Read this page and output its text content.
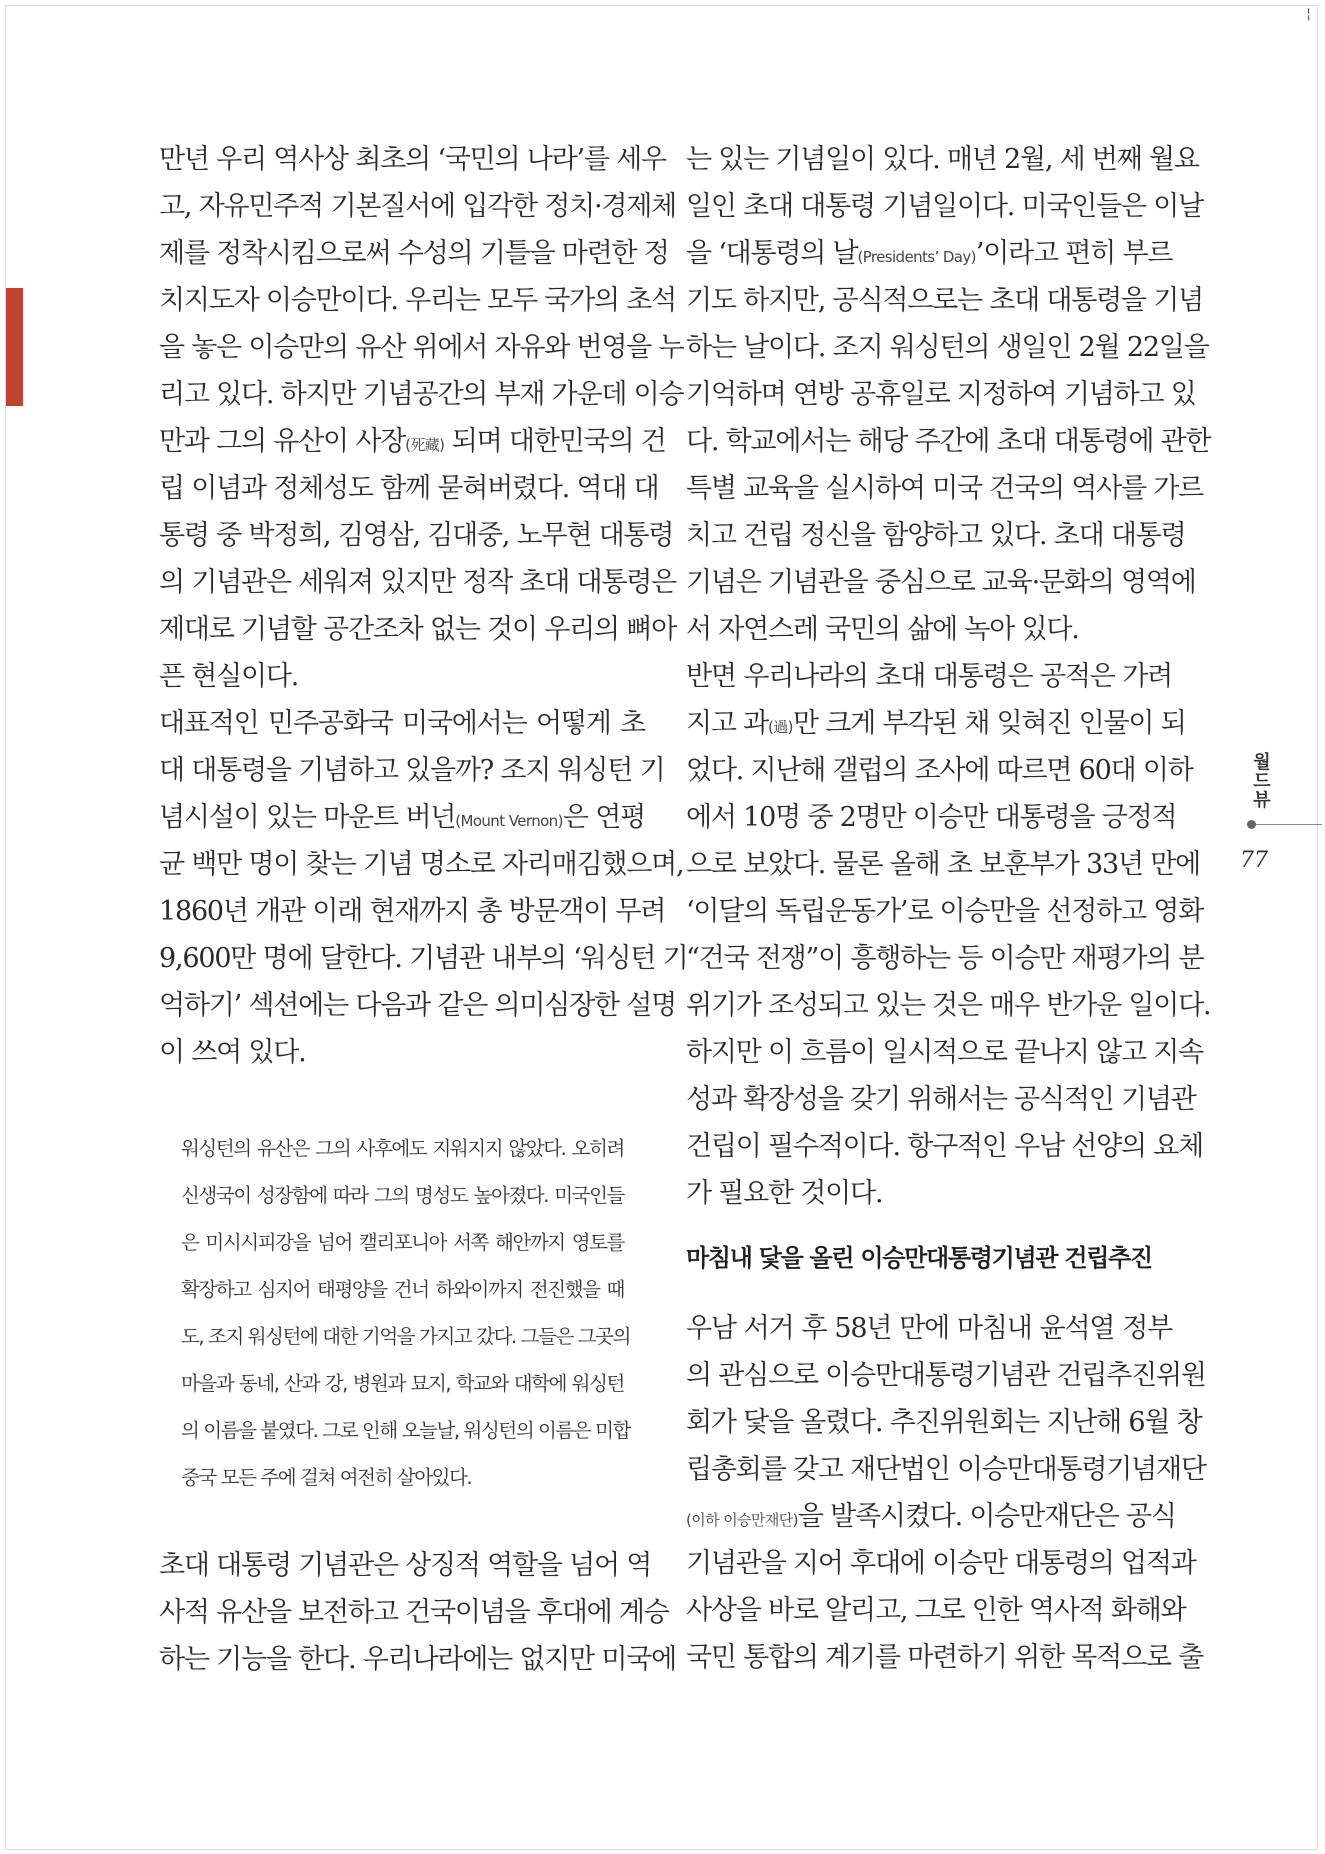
¦
만년 우리 역사상 최초의 ‘국민의 나라’를 세우
고, 자유민주적 기본질서에 입각한 정치·경제체
제를 정착시킴으로써 수성의 기틀을 마련한 정
치지도자 이승만이다. 우리는 모두 국가의 초석
을 놓은 이승만의 유산 위에서 자유와 번영을 누
리고 있다. 하지만 기념공간의 부재 가운데 이승
만과 그의 유산이 사장(死藏) 되며 대한민국의 건
립 이념과 정체성도 함께 묻혀버렸다. 역대 대
통령 중 박정희, 김영삼, 김대중, 노무현 대통령
의 기념관은 세워져 있지만 정작 초대 대통령은
제대로 기념할 공간조차 없는 것이 우리의 뼈아
픈 현실이다.
대표적인 민주공화국 미국에서는 어떻게 초
대 대통령을 기념하고 있을까? 조지 워싱턴 기
념시설이 있는 마운트 버넌(Mount Vernon)은 연평
균 백만 명이 찾는 기념 명소로 자리매김했으며,
1860년 개관 이래 현재까지 총 방문객이 무려
9,600만 명에 달한다. 기념관 내부의 ‘워싱턴 기
억하기’ 섹션에는 다음과 같은 의미심장한 설명
이 쓰여 있다.
워싱턴의 유산은 그의 사후에도 지워지지 않았다. 오히려
신생국이 성장함에 따라 그의 명성도 높아졌다. 미국인들
은 미시시피강을 넘어 캘리포니아 서쪽 해안까지 영토를
확장하고 심지어 태평양을 건너 하와이까지 전진했을 때
도, 조지 워싱턴에 대한 기억을 가지고 갔다. 그들은 그곳의
마을과 동네, 산과 강, 병원과 묘지, 학교와 대학에 워싱턴
의 이름을 붙였다. 그로 인해 오늘날, 워싱턴의 이름은 미합
중국 모든 주에 걸쳐 여전히 살아있다.
초대 대통령 기념관은 상징적 역할을 넘어 역
사적 유산을 보전하고 건국이념을 후대에 계승
하는 기능을 한다. 우리나라에는 없지만 미국에
는 있는 기념일이 있다. 매년 2월, 세 번째 월요
일인 초대 대통령 기념일이다. 미국인들은 이날
을 ‘대통령의 날(Presidents’ Day)’이라고 편히 부르
기도 하지만, 공식적으로는 초대 대통령을 기념
하는 날이다. 조지 워싱턴의 생일인 2월 22일을
기억하며 연방 공휴일로 지정하여 기념하고 있
다. 학교에서는 해당 주간에 초대 대통령에 관한
특별 교육을 실시하여 미국 건국의 역사를 가르
치고 건립 정신을 함양하고 있다. 초대 대통령
기념은 기념관을 중심으로 교육·문화의 영역에
서 자연스레 국민의 삶에 녹아 있다.
반면 우리나라의 초대 대통령은 공적은 가려
지고 과(過)만 크게 부각된 채 잊혀진 인물이 되
었다. 지난해 갤럽의 조사에 따르면 60대 이하
에서 10명 중 2명만 이승만 대통령을 긍정적
으로 보았다. 물론 올해 초 보훈부가 33년 만에
‘이달의 독립운동가’로 이승만을 선정하고 영화
“건국 전쟁”이 흥행하는 등 이승만 재평가의 분
위기가 조성되고 있는 것은 매우 반가운 일이다.
하지만 이 흐름이 일시적으로 끝나지 않고 지속
성과 확장성을 갖기 위해서는 공식적인 기념관
건립이 필수적이다. 항구적인 우남 선양의 요체
가 필요한 것이다.
마침내 닻을 올린 이승만대통령기념관 건립추진
우남 서거 후 58년 만에 마침내 윤석열 정부
의 관심으로 이승만대통령기념관 건립추진위원
회가 닻을 올렸다. 추진위원회는 지난해 6월 창
립총회를 갖고 재단법인 이승만대통령기념재단
(이하 이승만재단)을 발족시켰다. 이승만재단은 공식
기념관을 지어 후대에 이승만 대통령의 업적과
사상을 바로 알리고, 그로 인한 역사적 화해와
국민 통합의 계기를 마련하기 위한 목적으로 출
월드뷰
77
